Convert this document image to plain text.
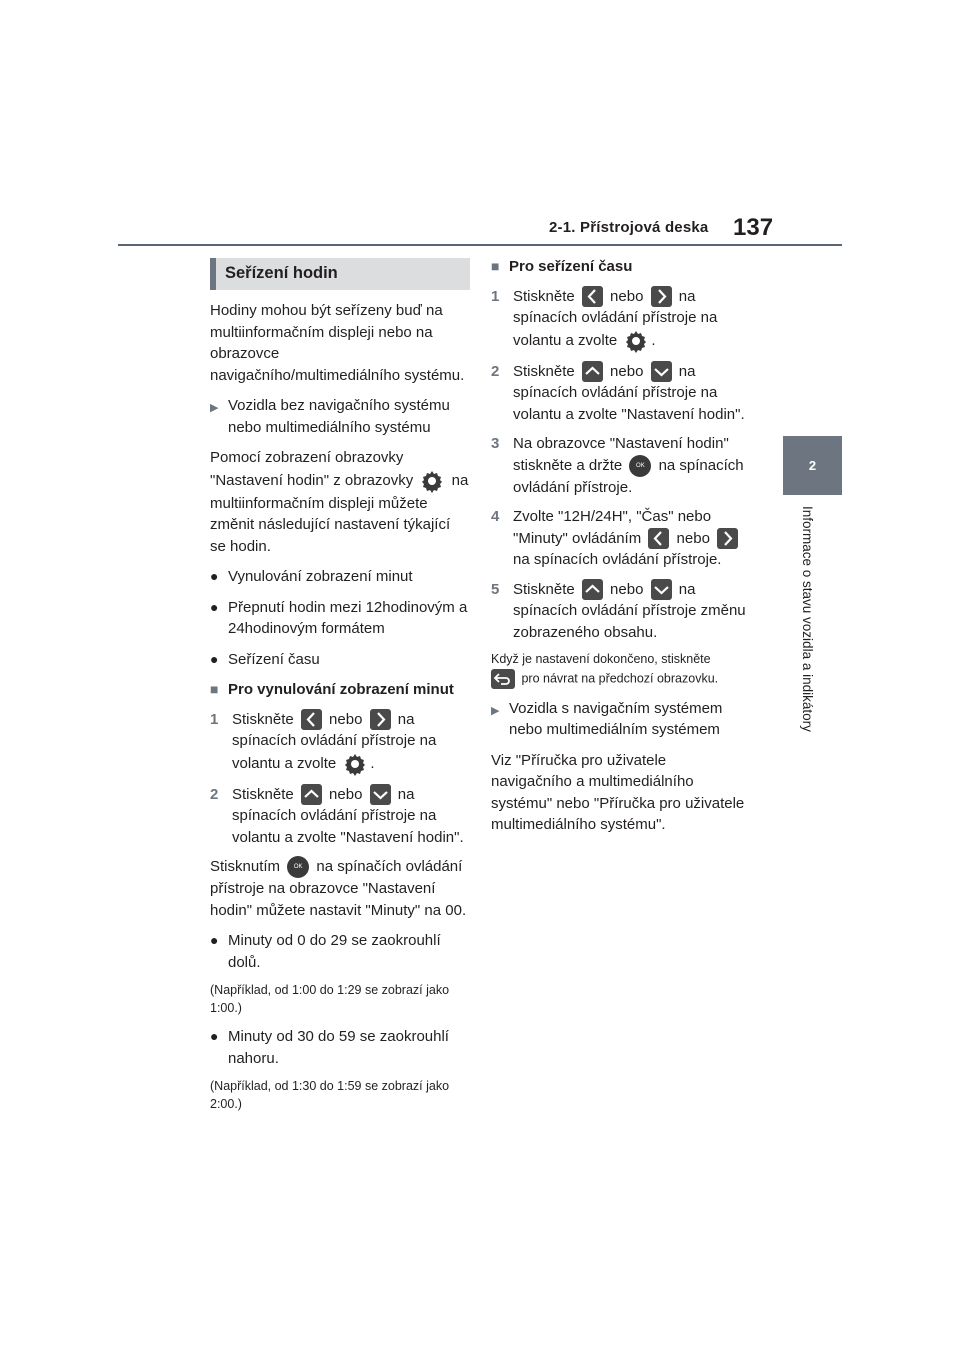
2-1. Přístrojová deska 137
2
Informace o stavu vozidla a indikátory
Seřízení hodin

Hodiny mohou být seřízeny buď na multiinformačním displeji nebo na obrazovce navigačního/multimediálního systému.

▶ Vozidla bez navigačního systému nebo multimediálního systému

Pomocí zobrazení obrazovky "Nastavení hodin" z obrazovky	na multiinformačním displeji můžete změnit následující nastavení týkající se hodin.

● Vynulování zobrazení minut
● Přepnutí hodin mezi 12hodinovým a 24hodinovým formátem
● Seřízení času
■ Pro vynulování zobrazení minut
1 Stiskněte nebo na spínacích ovládání přístroje na volantu a zvolte .
2 Stiskněte nebo na spínacích ovládání přístroje na volantu a zvolte "Nastavení hodin".

Stisknutím OK na spínačích ovládání přístroje na obrazovce "Nastavení hodin" můžete nastavit "Minuty" na 00.

● Minuty od 0 do 29 se zaokrouhlí dolů.

(Například, od 1:00 do 1:29 se zobrazí jako 1:00.)

● Minuty od 30 do 59 se zaokrouhlí nahoru.

(Například, od 1:30 do 1:59 se zobrazí jako 2:00.)

■ Pro seřízení času
1 Stiskněte nebo na spínacích ovládání přístroje na volantu a zvolte .
2 Stiskněte nebo na spínacích ovládání přístroje na volantu a zvolte "Nastavení hodin".
3 Na obrazovce "Nastavení hodin" stiskněte a držte OK na spínacích ovládání přístroje.
4 Zvolte "12H/24H", "Čas" nebo "Minuty" ovládáním nebo
na spínacích ovládání přístroje.
5 Stiskněte nebo na spínacích ovládání přístroje změnu zobrazeného obsahu.

Když je nastavení dokončeno, stiskněte
pro návrat na předchozí obrazovku.

▶ Vozidla s navigačním systémem nebo multimediálním systémem

Viz "Příručka pro uživatele navigačního a multimediálního systému" nebo "Příručka pro uživatele multimediálního systému".
